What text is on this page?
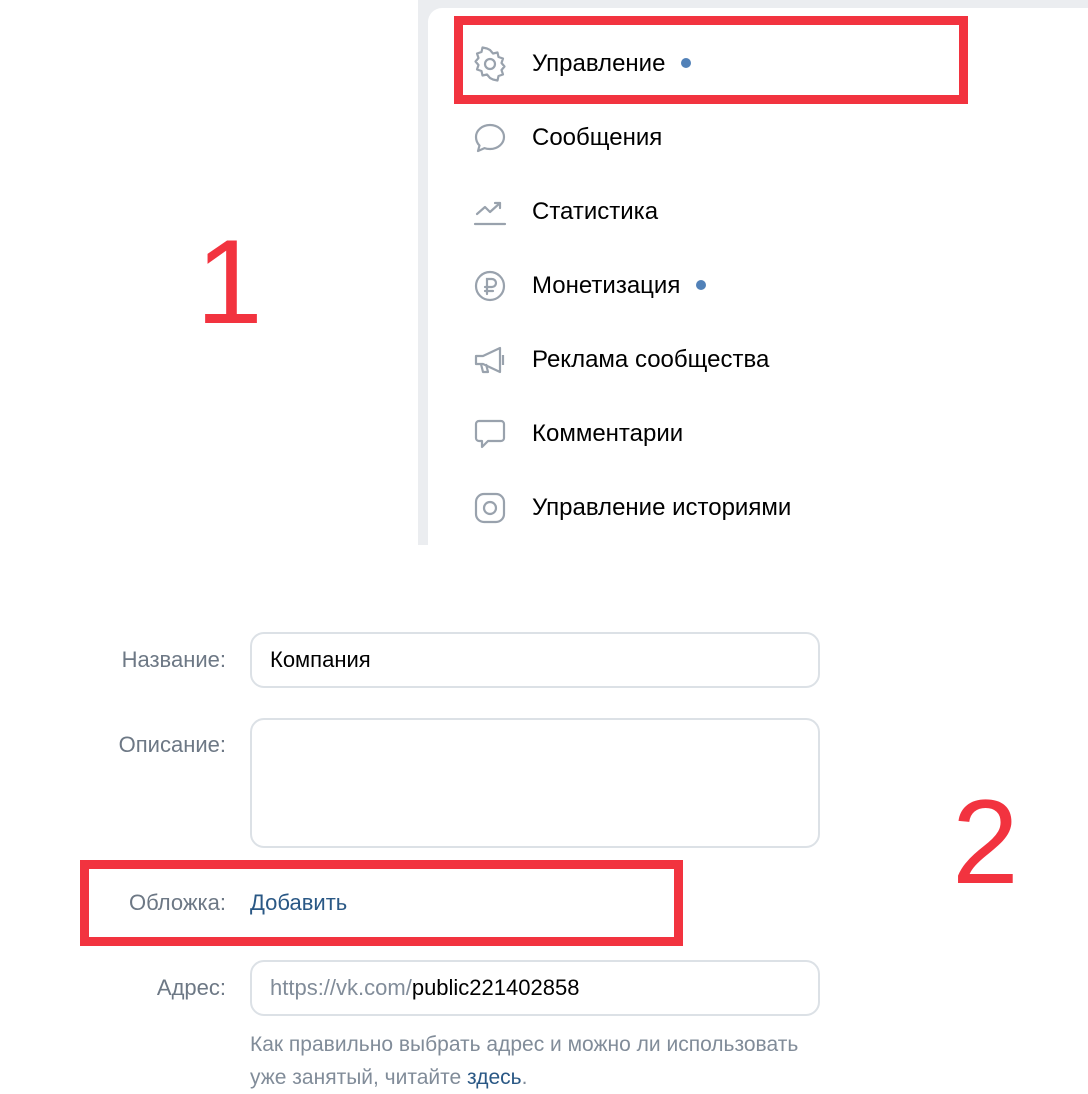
Управление
Сообщения
Статистика
Монетизация
Реклама сообщества
Комментарии
Управление историями
1
Название: Компания
Описание:
Обложка: Добавить	2
Адрес: https://vk.com/public221402858
Как правильно выбрать адрес и можно ли использовать уже занятый, читайте здесь.
